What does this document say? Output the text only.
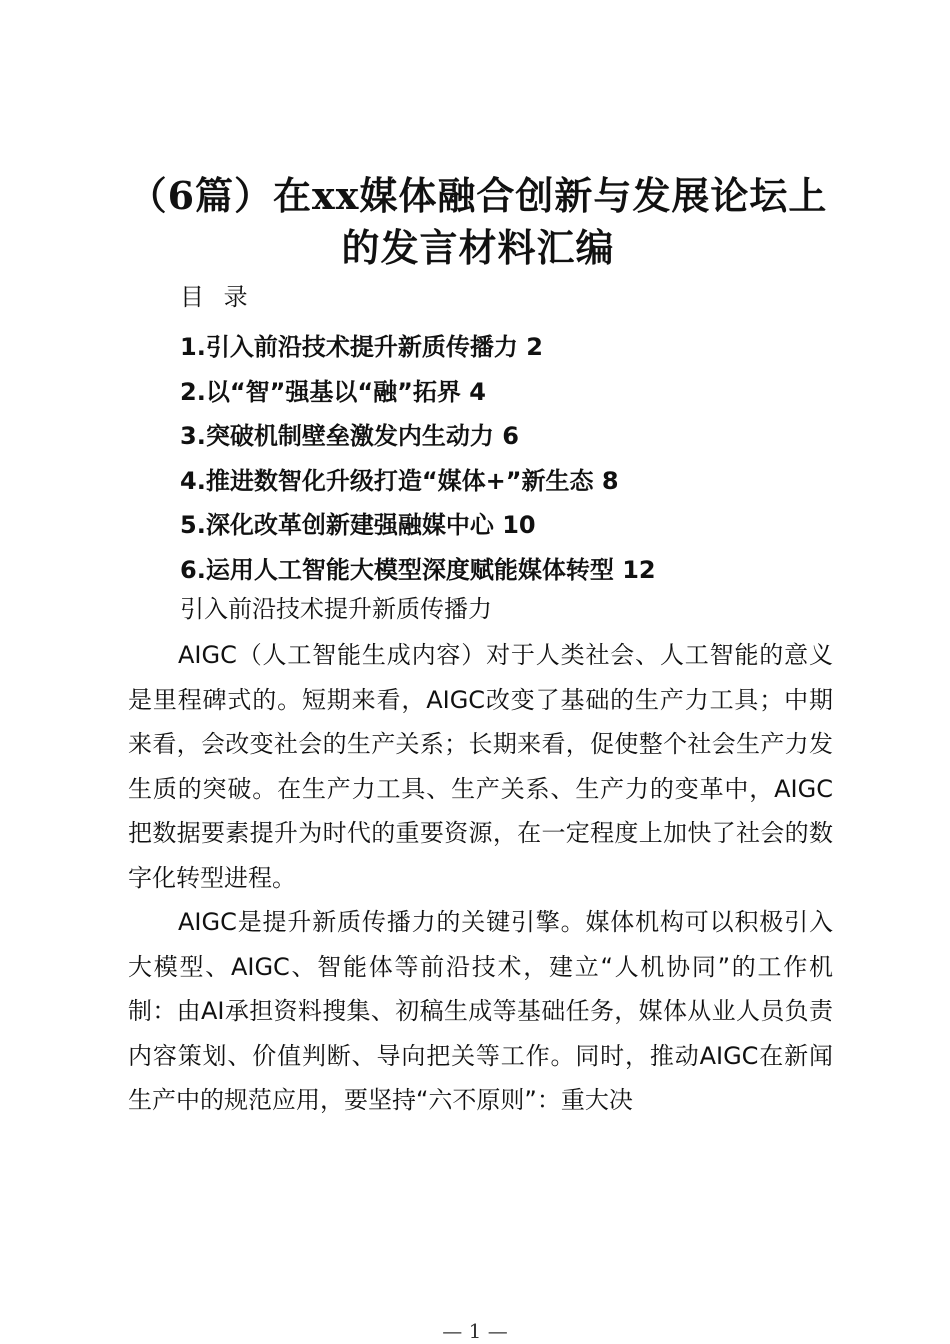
（6篇）在xx媒体融合创新与发展论坛上的发言材料汇编
目 录
1.引入前沿技术提升新质传播力 2
2.以“智”强基以“融”拓界 4
3.突破机制壁垒激发内生动力 6
4.推进数智化升级打造“媒体+”新生态 8
5.深化改革创新建强融媒中心 10
6.运用人工智能大模型深度赋能媒体转型 12
引入前沿技术提升新质传播力

AIGC（人工智能生成内容）对于人类社会、人工智能的意义是里程碑式的。短期来看，AIGC改变了基础的生产力工具；中期来看，会改变社会的生产关系；长期来看，促使整个社会生产力发生质的突破。在生产力工具、生产关系、生产力的变革中，AIGC把数据要素提升为时代的重要资源，在一定程度上加快了社会的数字化转型进程。

AIGC是提升新质传播力的关键引擎。媒体机构可以积极引入大模型、AIGC、智能体等前沿技术，建立“人机协同”的工作机制：由AI承担资料搜集、初稿生成等基础任务，媒体从业人员负责内容策划、价值判断、导向把关等工作。同时，推动AIGC在新闻生产中的规范应用，要坚持“六不原则”：重大决

— 1 —
